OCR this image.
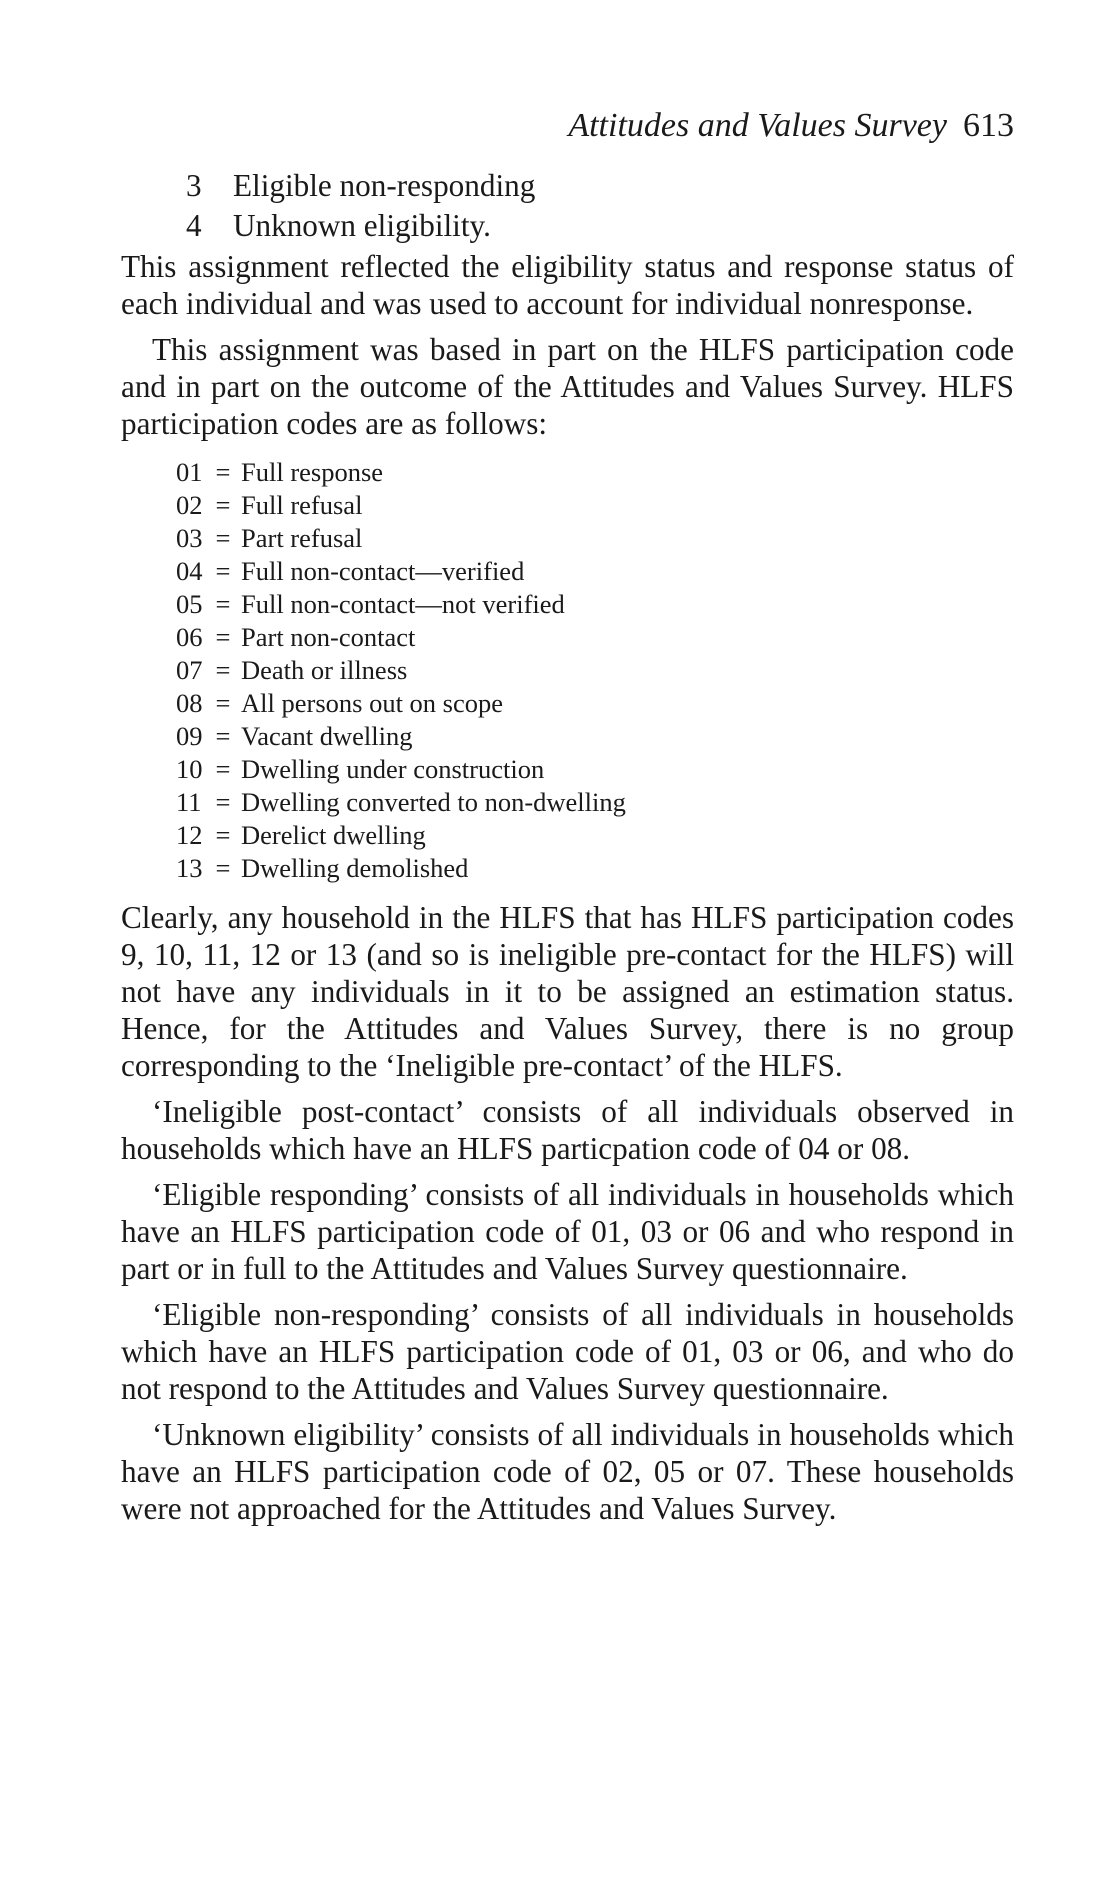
Attitudes and Values Survey 613
3 Eligible non-responding
4 Unknown eligibility.

This assignment reflected the eligibility status and response status of each individual and was used to account for individual nonresponse.

This assignment was based in part on the HLFS participation code and in part on the outcome of the Attitudes and Values Survey. HLFS participation codes are as follows:

01 = Full response
02 = Full refusal
03 = Part refusal
04 = Full non-contact—verified
05 = Full non-contact—not verified
06 = Part non-contact
07 = Death or illness
08 = All persons out on scope
09 = Vacant dwelling
10 = Dwelling under construction
11 = Dwelling converted to non-dwelling
12 = Derelict dwelling
13 = Dwelling demolished

Clearly, any household in the HLFS that has HLFS participation codes 9, 10, 11, 12 or 13 (and so is ineligible pre-contact for the HLFS) will not have any individuals in it to be assigned an estimation status. Hence, for the Attitudes and Values Survey, there is no group corresponding to the ‘Ineligible pre-contact’ of the HLFS.

‘Ineligible post-contact’ consists of all individuals observed in households which have an HLFS particpation code of 04 or 08.

‘Eligible responding’ consists of all individuals in households which have an HLFS participation code of 01, 03 or 06 and who respond in part or in full to the Attitudes and Values Survey questionnaire.

‘Eligible non-responding’ consists of all individuals in households which have an HLFS participation code of 01, 03 or 06, and who do not respond to the Attitudes and Values Survey questionnaire.

‘Unknown eligibility’ consists of all individuals in households which have an HLFS participation code of 02, 05 or 07. These households were not approached for the Attitudes and Values Survey.
